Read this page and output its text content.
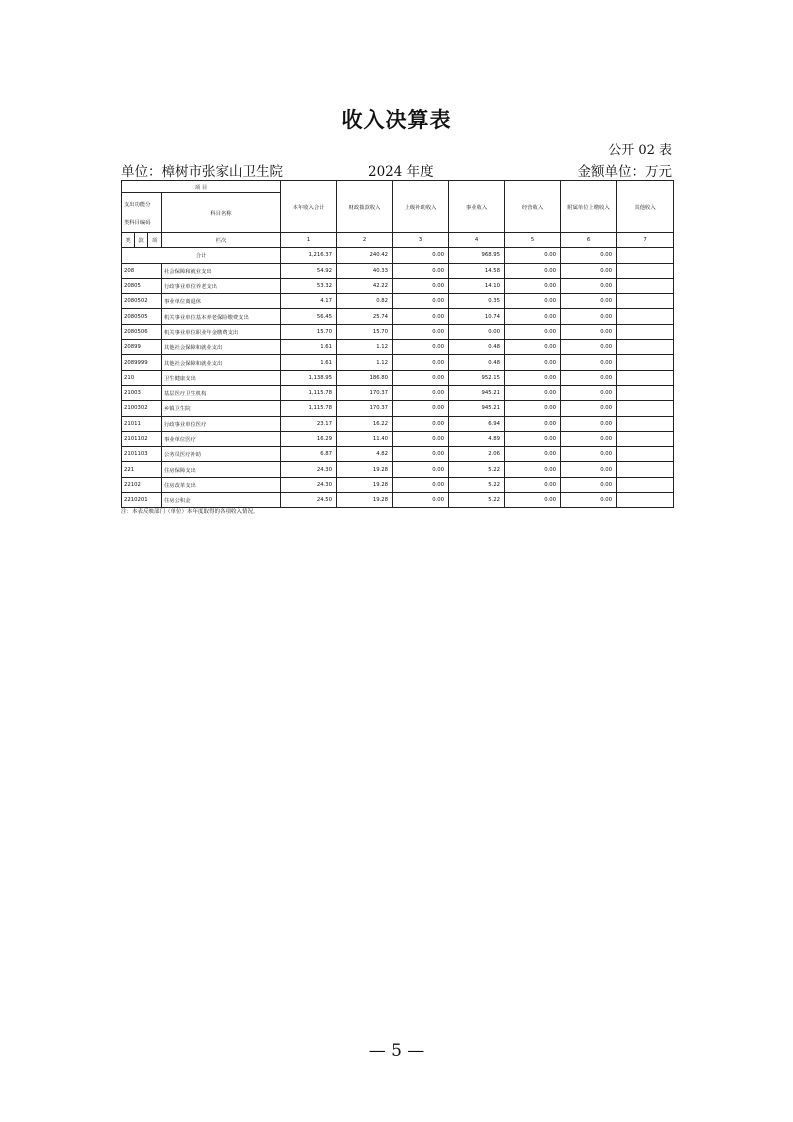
收入决算表
公开 02 表
单位：樟树市张家山卫生院	2024 年度	金额单位：万元
项 目				本年收入合计	财政拨款收入	上级补助收入	事业收入	经营收入	附属单位上缴收入	其他收入

支出功能分
类科目编码			科目名称							

类	款	项	栏次	1	2	3	4	5	6	7
合计				1,216.37	240.42	0.00	968.95	0.00	0.00	
208			社会保障和就业支出	54.92	40.33	0.00	14.58	0.00	0.00	
20805			行政事业单位养老支出	53.32	42.22	0.00	14.10	0.00	0.00	
2080502			事业单位离退休	4.17	0.82	0.00	0.35	0.00	0.00	
2080505			机关事业单位基本养老保险缴费支出	56.45	25.74	0.00	10.74	0.00	0.00	
2080506			机关事业单位职业年金缴费支出	15.70	15.70	0.00	0.00	0.00	0.00	
20899			其他社会保障和就业支出	1.61	1.12	0.00	0.48	0.00	0.00	
2089999			其他社会保障和就业支出	1.61	1.12	0.00	0.48	0.00	0.00	
210			卫生健康支出	1,138.95	186.80	0.00	952.15	0.00	0.00	
21003			基层医疗卫生机构	1,115.78	170.37	0.00	945.21	0.00	0.00	
2100302			乡镇卫生院	1,115.78	170.37	0.00	945.21	0.00	0.00	
21011			行政事业单位医疗	23.17	16.22	0.00	6.94	0.00	0.00	
2101102			事业单位医疗	16.29	11.40	0.00	4.89	0.00	0.00	
2101103			公务员医疗补助	6.87	4.82	0.00	2.06	0.00	0.00	
221			住房保障支出	24.30	19.28	0.00	5.22	0.00	0.00	
22102			住房改革支出	24.30	19.28	0.00	5.22	0.00	0.00	
2210201			住房公积金	24.50	19.28	0.00	5.22	0.00	0.00	
注：本表反映部门（单位）本年度取得的各项收入情况。
— 5 —
